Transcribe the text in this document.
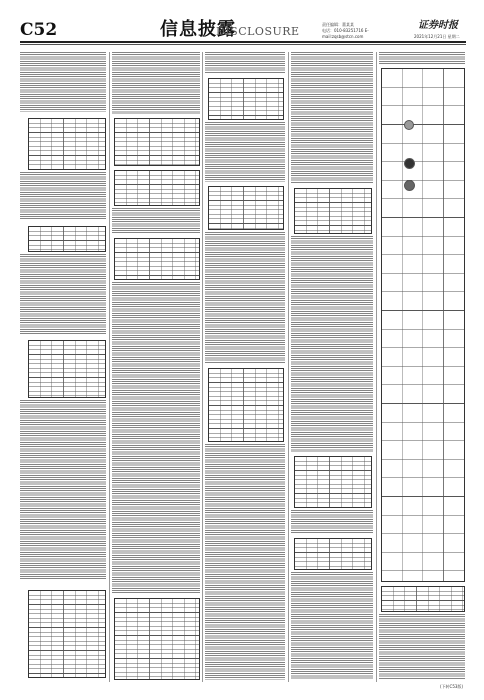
C52	信息披露
DISCLOSURE
责任编辑：董某某
电话：010-83251716 E-mail:zqsb@stcn.com
证券时报
2021年12月21日 星期二
(下转C53版)
